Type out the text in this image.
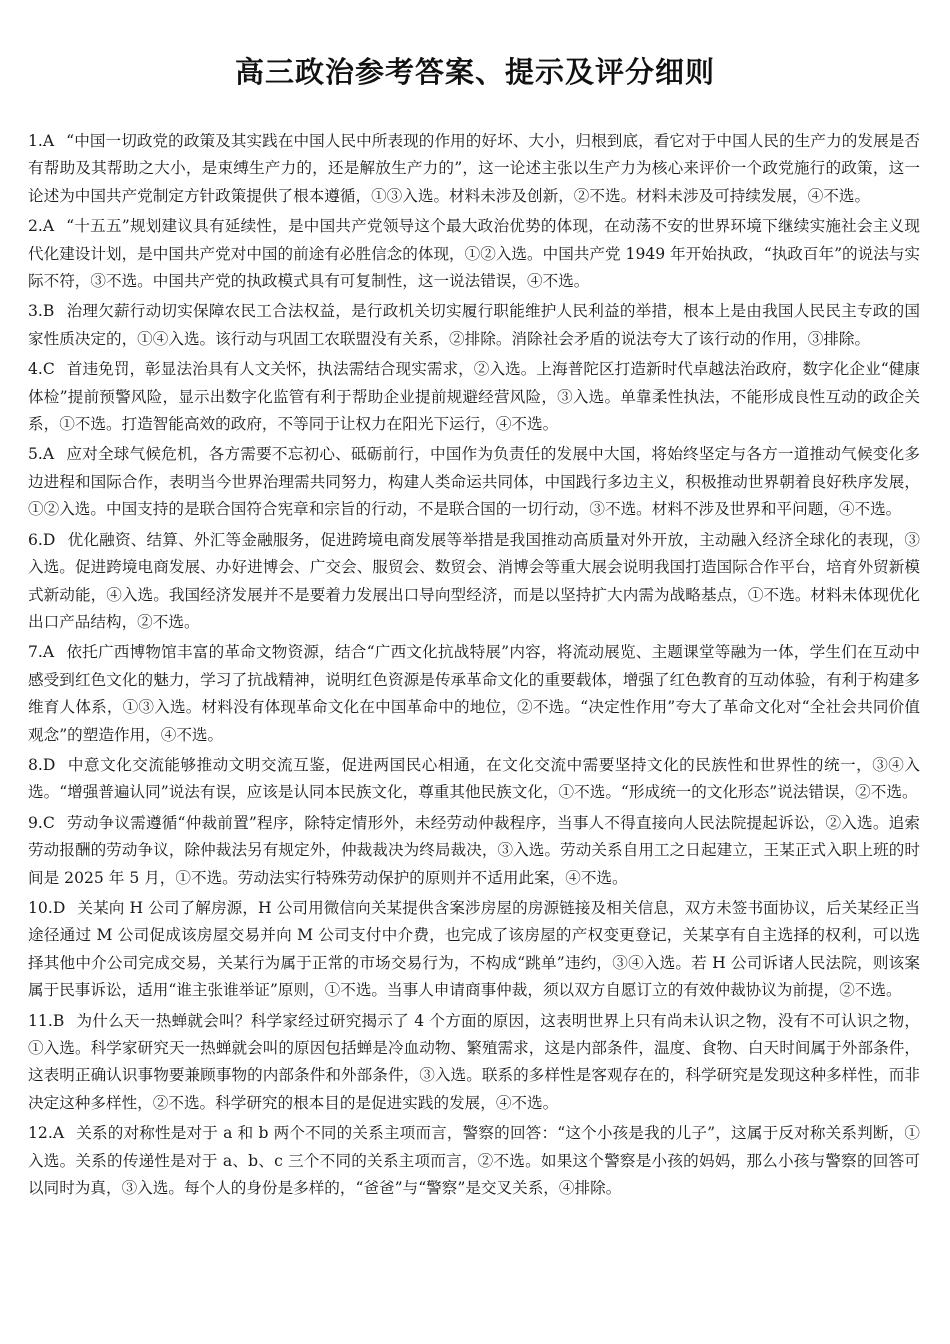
高三政治参考答案、提示及评分细则
1.A “中国一切政党的政策及其实践在中国人民中所表现的作用的好坏、大小，归根到底，看它对于中国人民的生产力的发展是否有帮助及其帮助之大小，是束缚生产力的，还是解放生产力的”，这一论述主张以生产力为核心来评价一个政党施行的政策，这一论述为中国共产党制定方针政策提供了根本遵循，①③入选。材料未涉及创新，②不选。材料未涉及可持续发展，④不选。
2.A “十五五”规划建议具有延续性，是中国共产党领导这个最大政治优势的体现，在动荡不安的世界环境下继续实施社会主义现代化建设计划，是中国共产党对中国的前途有必胜信念的体现，①②入选。中国共产党 1949 年开始执政，“执政百年”的说法与实际不符，③不选。中国共产党的执政模式具有可复制性，这一说法错误，④不选。
3.B 治理欠薪行动切实保障农民工合法权益，是行政机关切实履行职能维护人民利益的举措，根本上是由我国人民民主专政的国家性质决定的，①④入选。该行动与巩固工农联盟没有关系，②排除。消除社会矛盾的说法夸大了该行动的作用，③排除。
4.C 首违免罚，彰显法治具有人文关怀，执法需结合现实需求，②入选。上海普陀区打造新时代卓越法治政府，数字化企业“健康体检”提前预警风险，显示出数字化监管有利于帮助企业提前规避经营风险，③入选。单靠柔性执法，不能形成良性互动的政企关系，①不选。打造智能高效的政府，不等同于让权力在阳光下运行，④不选。
5.A 应对全球气候危机，各方需要不忘初心、砥砺前行，中国作为负责任的发展中大国，将始终坚定与各方一道推动气候变化多边进程和国际合作，表明当今世界治理需共同努力，构建人类命运共同体，中国践行多边主义，积极推动世界朝着良好秩序发展，①②入选。中国支持的是联合国符合宪章和宗旨的行动，不是联合国的一切行动，③不选。材料不涉及世界和平问题，④不选。
6.D 优化融资、结算、外汇等金融服务，促进跨境电商发展等举措是我国推动高质量对外开放，主动融入经济全球化的表现，③入选。促进跨境电商发展、办好进博会、广交会、服贸会、数贸会、消博会等重大展会说明我国打造国际合作平台，培育外贸新模式新动能，④入选。我国经济发展并不是要着力发展出口导向型经济，而是以坚持扩大内需为战略基点，①不选。材料未体现优化出口产品结构，②不选。
7.A 依托广西博物馆丰富的革命文物资源，结合“广西文化抗战特展”内容，将流动展览、主题课堂等融为一体，学生们在互动中感受到红色文化的魅力，学习了抗战精神，说明红色资源是传承革命文化的重要载体，增强了红色教育的互动体验，有利于构建多维育人体系，①③入选。材料没有体现革命文化在中国革命中的地位，②不选。“决定性作用”夸大了革命文化对“全社会共同价值观念”的塑造作用，④不选。
8.D 中意文化交流能够推动文明交流互鉴，促进两国民心相通，在文化交流中需要坚持文化的民族性和世界性的统一，③④入选。“增强普遍认同”说法有误，应该是认同本民族文化，尊重其他民族文化，①不选。“形成统一的文化形态”说法错误，②不选。
9.C 劳动争议需遵循“仲裁前置”程序，除特定情形外，未经劳动仲裁程序，当事人不得直接向人民法院提起诉讼，②入选。追索劳动报酬的劳动争议，除仲裁法另有规定外，仲裁裁决为终局裁决，③入选。劳动关系自用工之日起建立，王某正式入职上班的时间是 2025 年 5 月，①不选。劳动法实行特殊劳动保护的原则并不适用此案，④不选。
10.D 关某向 H 公司了解房源，H 公司用微信向关某提供含案涉房屋的房源链接及相关信息，双方未签书面协议，后关某经正当途径通过 M 公司促成该房屋交易并向 M 公司支付中介费，也完成了该房屋的产权变更登记，关某享有自主选择的权利，可以选择其他中介公司完成交易，关某行为属于正常的市场交易行为，不构成“跳单”违约，③④入选。若 H 公司诉诸人民法院，则该案属于民事诉讼，适用“谁主张谁举证”原则，①不选。当事人申请商事仲裁，须以双方自愿订立的有效仲裁协议为前提，②不选。
11.B 为什么天一热蝉就会叫？科学家经过研究揭示了 4 个方面的原因，这表明世界上只有尚未认识之物，没有不可认识之物，①入选。科学家研究天一热蝉就会叫的原因包括蝉是冷血动物、繁殖需求，这是内部条件，温度、食物、白天时间属于外部条件，这表明正确认识事物要兼顾事物的内部条件和外部条件，③入选。联系的多样性是客观存在的，科学研究是发现这种多样性，而非决定这种多样性，②不选。科学研究的根本目的是促进实践的发展，④不选。
12.A 关系的对称性是对于 a 和 b 两个不同的关系主项而言，警察的回答：“这个小孩是我的儿子”，这属于反对称关系判断，①入选。关系的传递性是对于 a、b、c 三个不同的关系主项而言，②不选。如果这个警察是小孩的妈妈，那么小孩与警察的回答可以同时为真，③入选。每个人的身份是多样的，“爸爸”与“警察”是交叉关系，④排除。
